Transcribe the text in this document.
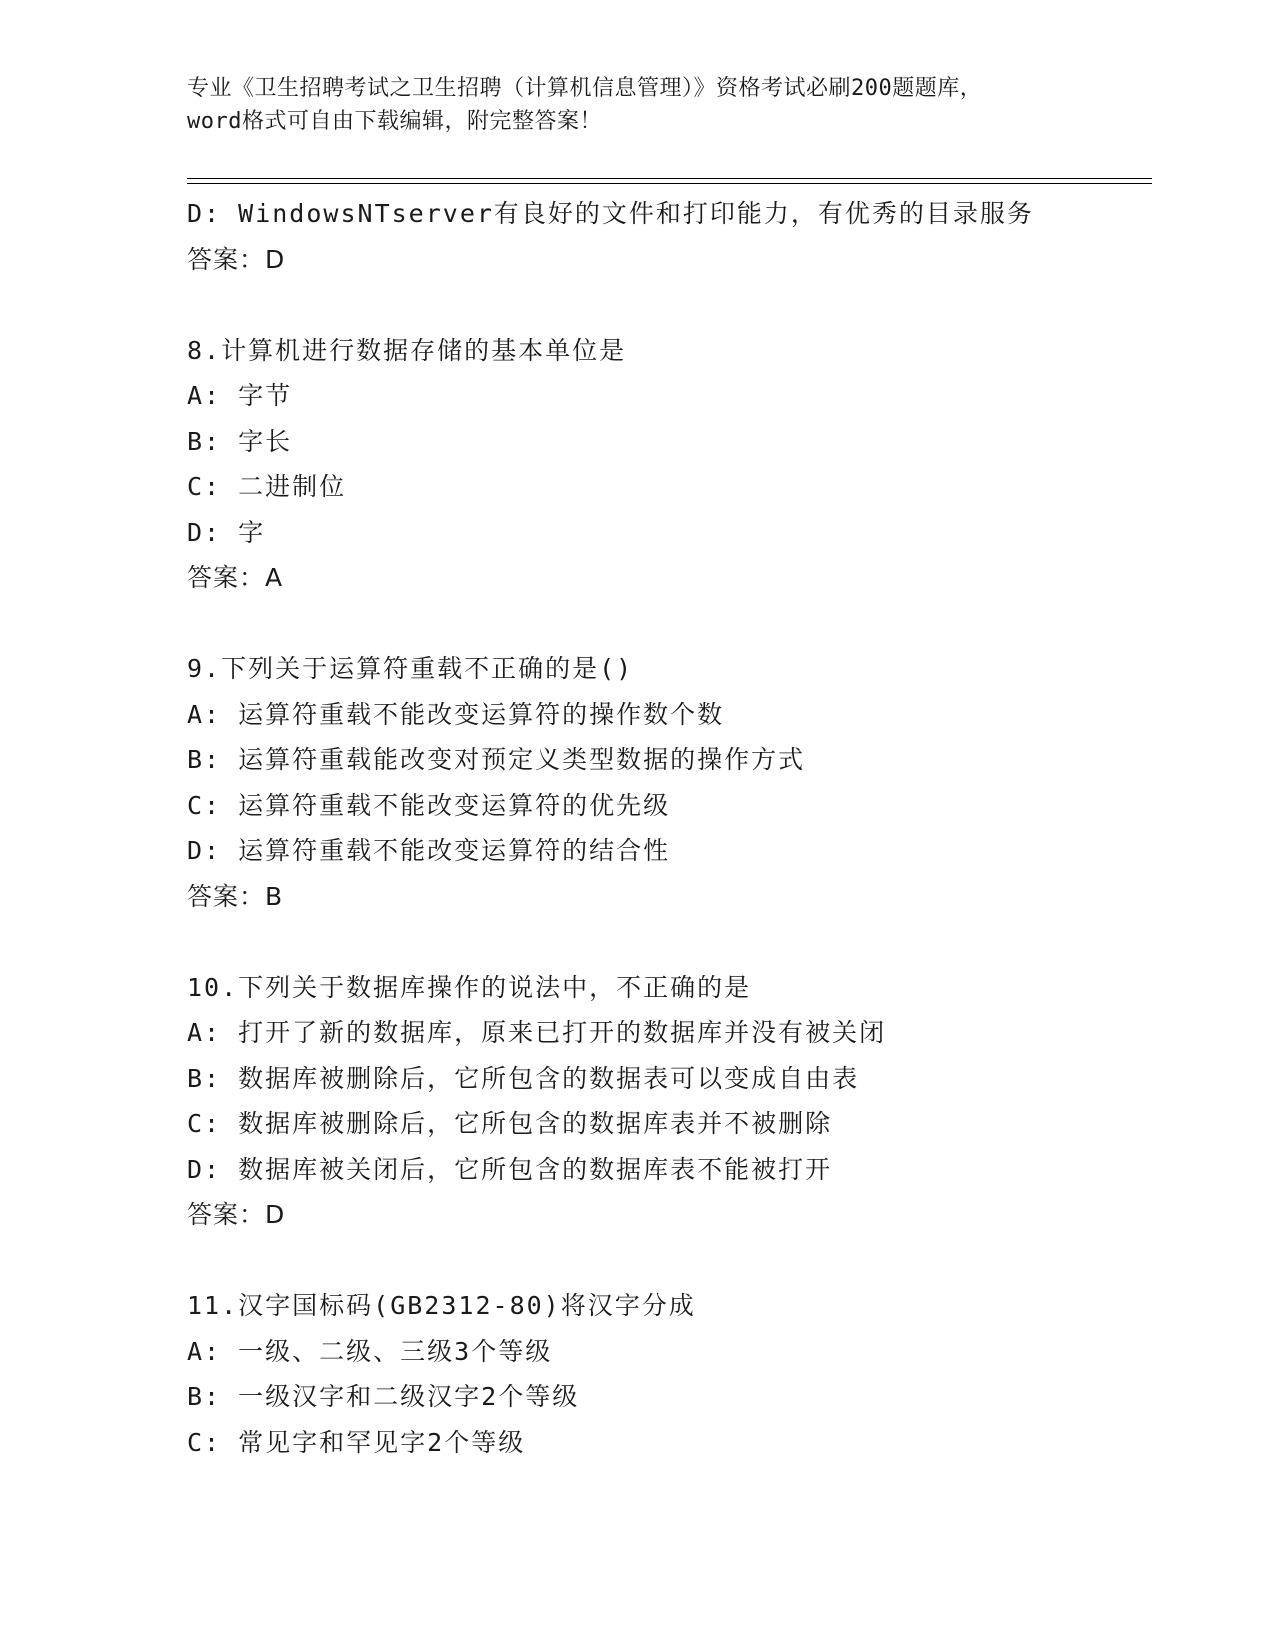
专业《卫生招聘考试之卫生招聘（计算机信息管理）》资格考试必刷200题题库，
word格式可自由下载编辑，附完整答案！
D: WindowsNTserver有良好的文件和打印能力，有优秀的目录服务
答案：D
8.计算机进行数据存储的基本单位是
A: 字节
B: 字长
C: 二进制位
D: 字
答案：A
9.下列关于运算符重载不正确的是()
A: 运算符重载不能改变运算符的操作数个数
B: 运算符重载能改变对预定义类型数据的操作方式
C: 运算符重载不能改变运算符的优先级
D: 运算符重载不能改变运算符的结合性
答案：B
10.下列关于数据库操作的说法中，不正确的是
A: 打开了新的数据库，原来已打开的数据库并没有被关闭
B: 数据库被删除后，它所包含的数据表可以变成自由表
C: 数据库被删除后，它所包含的数据库表并不被删除
D: 数据库被关闭后，它所包含的数据库表不能被打开
答案：D
11.汉字国标码(GB2312-80)将汉字分成
A: 一级、二级、三级3个等级
B: 一级汉字和二级汉字2个等级
C: 常见字和罕见字2个等级
